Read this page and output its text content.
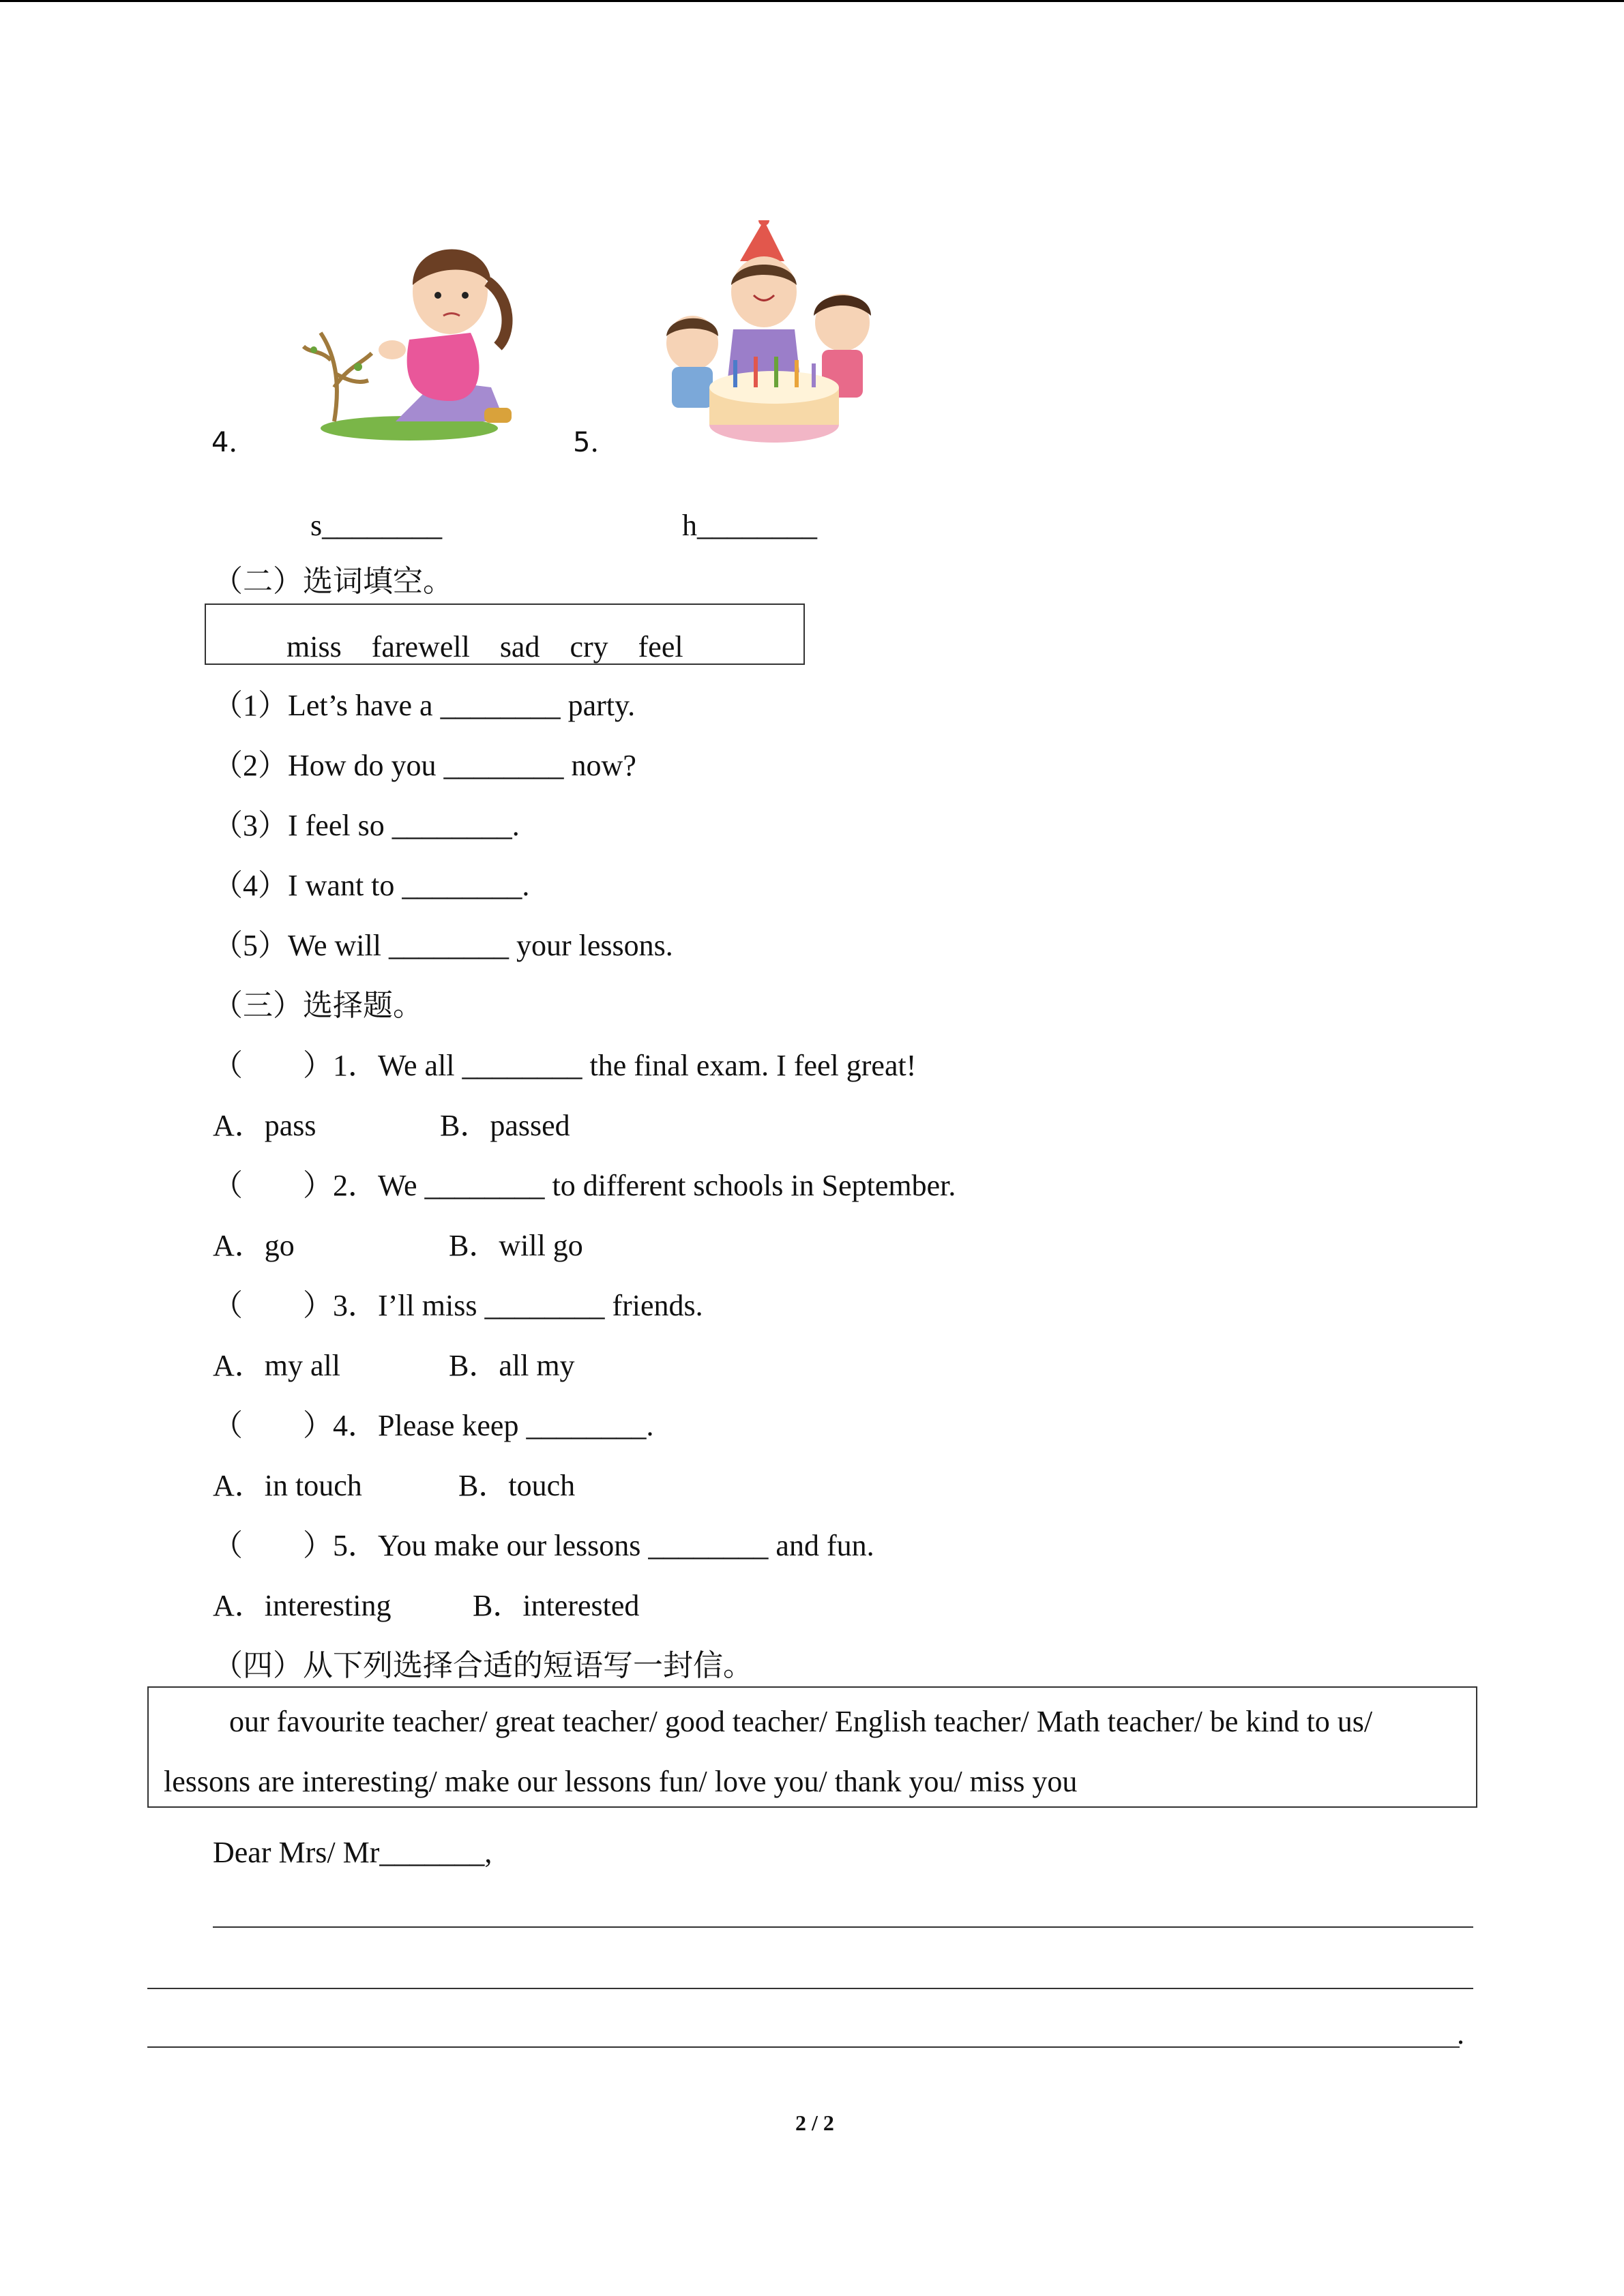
4．	5．
s________	h________
（二）选词填空。
miss    farewell    sad    cry    feel
（1）Let’s have a ________ party.
（2）How do you ________ now?
（3）I feel so ________.
（4）I want to ________.
（5）We will ________ your lessons.
（三）选择题。
（　　）1．We all ________ the final exam. I feel great!
A．pass	B．passed
（　　）2．We ________ to different schools in September.
A．go	B．will go
（　　）3．I’ll miss ________ friends.
A．my all	B．all my
（　　）4．Please keep ________.
A．in touch	B．touch
（　　）5．You make our lessons ________ and fun.
A．interesting	B．interested
（四）从下列选择合适的短语写一封信。
our favourite teacher/ great teacher/ good teacher/ English teacher/ Math teacher/ be kind to us/
lessons are interesting/ make our lessons fun/ love you/ thank you/ miss you
Dear Mrs/ Mr_______,
.
2 / 2
